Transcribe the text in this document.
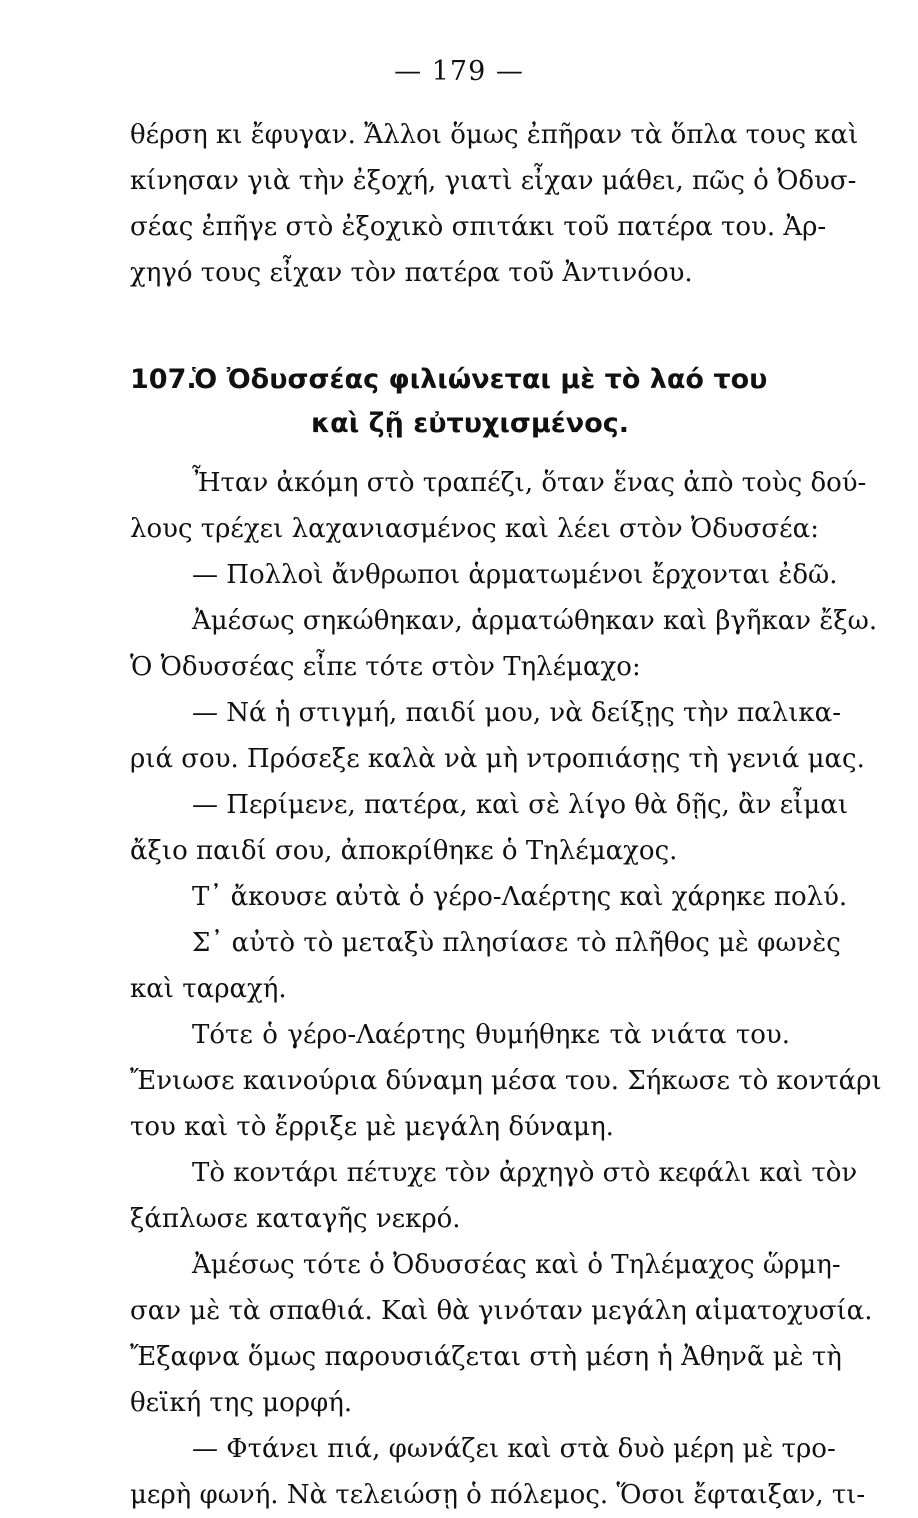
— 179 —
θέρση κι ἔφυγαν. Ἄλλοι ὅμως ἐπῆραν τὰ ὅπλα τους καὶ
κίνησαν γιὰ τὴν ἐξοχή, γιατὶ εἶχαν μάθει, πῶς ὁ Ὀδυσ-
σέας ἐπῆγε στὸ ἐξοχικὸ σπιτάκι τοῦ πατέρα του. Ἀρ-
χηγό τους εἶχαν τὸν πατέρα τοῦ Ἀντινόου.
107.Ὁ Ὀδυσσέας φιλιώνεται μὲ τὸ λαό του
καὶ ζῇ εὐτυχισμένος.
Ἦταν ἀκόμη στὸ τραπέζι, ὅταν ἕνας ἀπὸ τοὺς δού-
λους τρέχει λαχανιασμένος καὶ λέει στὸν Ὀδυσσέα:
— Πολλοὶ ἄνθρωποι ἁρματωμένοι ἔρχονται ἐδῶ.
Ἀμέσως σηκώθηκαν, ἁρματώθηκαν καὶ βγῆκαν ἔξω.
Ὁ Ὀδυσσέας εἶπε τότε στὸν Τηλέμαχο:
— Νά ἡ στιγμή, παιδί μου, νὰ δείξῃς τὴν παλικα-
ριά σου. Πρόσεξε καλὰ νὰ μὴ ντροπιάσῃς τὴ γενιά μας.
— Περίμενε, πατέρα, καὶ σὲ λίγο θὰ δῇς, ἂν εἶμαι
ἄξιο παιδί σου, ἀποκρίθηκε ὁ Τηλέμαχος.
Τ᾽ ἄκουσε αὐτὰ ὁ γέρο-Λαέρτης καὶ χάρηκε πολύ.
Σ᾽ αὐτὸ τὸ μεταξὺ πλησίασε τὸ πλῆθος μὲ φωνὲς
καὶ ταραχή.
Τότε ὁ γέρο-Λαέρτης θυμήθηκε τὰ νιάτα του.
Ἔνιωσε καινούρια δύναμη μέσα του. Σήκωσε τὸ κοντάρι
του καὶ τὸ ἔρριξε μὲ μεγάλη δύναμη.
Τὸ κοντάρι πέτυχε τὸν ἀρχηγὸ στὸ κεφάλι καὶ τὸν
ξάπλωσε καταγῆς νεκρό.
Ἀμέσως τότε ὁ Ὀδυσσέας καὶ ὁ Τηλέμαχος ὥρμη-
σαν μὲ τὰ σπαθιά. Καὶ θὰ γινόταν μεγάλη αἱματοχυσία.
Ἔξαφνα ὅμως παρουσιάζεται στὴ μέση ἡ Ἀθηνᾶ μὲ τὴ
θεϊκή της μορφή.
— Φτάνει πιά, φωνάζει καὶ στὰ δυὸ μέρη μὲ τρο-
μερὴ φωνή. Νὰ τελειώσῃ ὁ πόλεμος. Ὅσοι ἔφταιξαν, τι-
